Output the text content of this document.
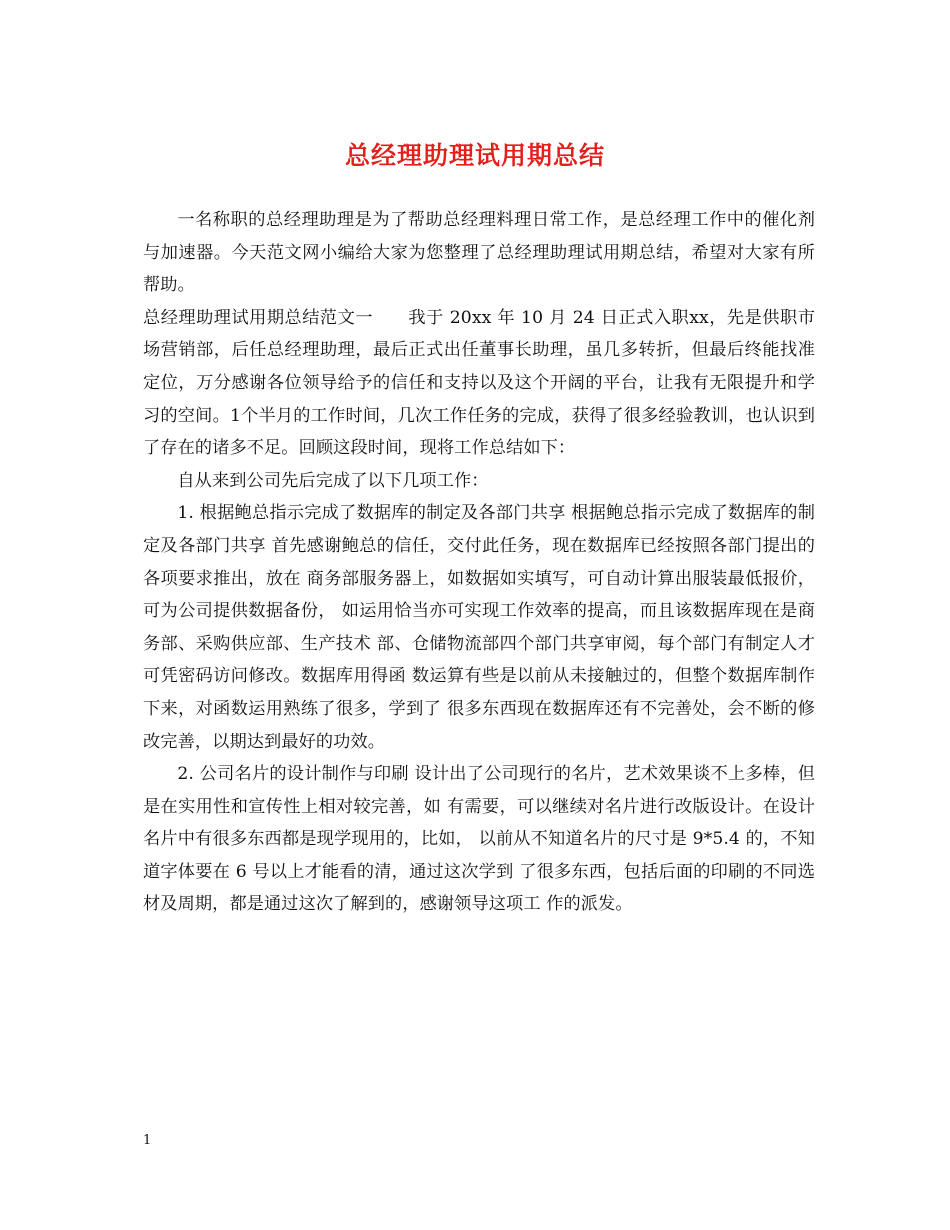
总经理助理试用期总结

一名称职的总经理助理是为了帮助总经理料理日常工作，是总经理工作中的催化剂与加速器。今天范文网小编给大家为您整理了总经理助理试用期总结，希望对大家有所帮助。

总经理助理试用期总结范文一　　我于 20xx 年 10 月 24 日正式入职xx，先是供职市场营销部，后任总经理助理，最后正式出任董事长助理，虽几多转折，但最后终能找准定位，万分感谢各位领导给予的信任和支持以及这个开阔的平台，让我有无限提升和学习的空间。1个半月的工作时间，几次工作任务的完成，获得了很多经验教训，也认识到了存在的诸多不足。回顾这段时间，现将工作总结如下：

自从来到公司先后完成了以下几项工作：

1. 根据鲍总指示完成了数据库的制定及各部门共享 根据鲍总指示完成了数据库的制定及各部门共享 首先感谢鲍总的信任，交付此任务，现在数据库已经按照各部门提出的各项要求推出，放在 商务部服务器上，如数据如实填写，可自动计算出服装最低报价，可为公司提供数据备份， 如运用恰当亦可实现工作效率的提高，而且该数据库现在是商务部、采购供应部、生产技术 部、仓储物流部四个部门共享审阅，每个部门有制定人才可凭密码访问修改。数据库用得函 数运算有些是以前从未接触过的，但整个数据库制作下来，对函数运用熟练了很多，学到了 很多东西现在数据库还有不完善处，会不断的修改完善，以期达到最好的功效。

2. 公司名片的设计制作与印刷 设计出了公司现行的名片，艺术效果谈不上多棒，但是在实用性和宣传性上相对较完善，如 有需要，可以继续对名片进行改版设计。在设计名片中有很多东西都是现学现用的，比如， 以前从不知道名片的尺寸是 9*5.4 的，不知道字体要在 6 号以上才能看的清，通过这次学到 了很多东西，包括后面的印刷的不同选材及周期，都是通过这次了解到的，感谢领导这项工 作的派发。

1
